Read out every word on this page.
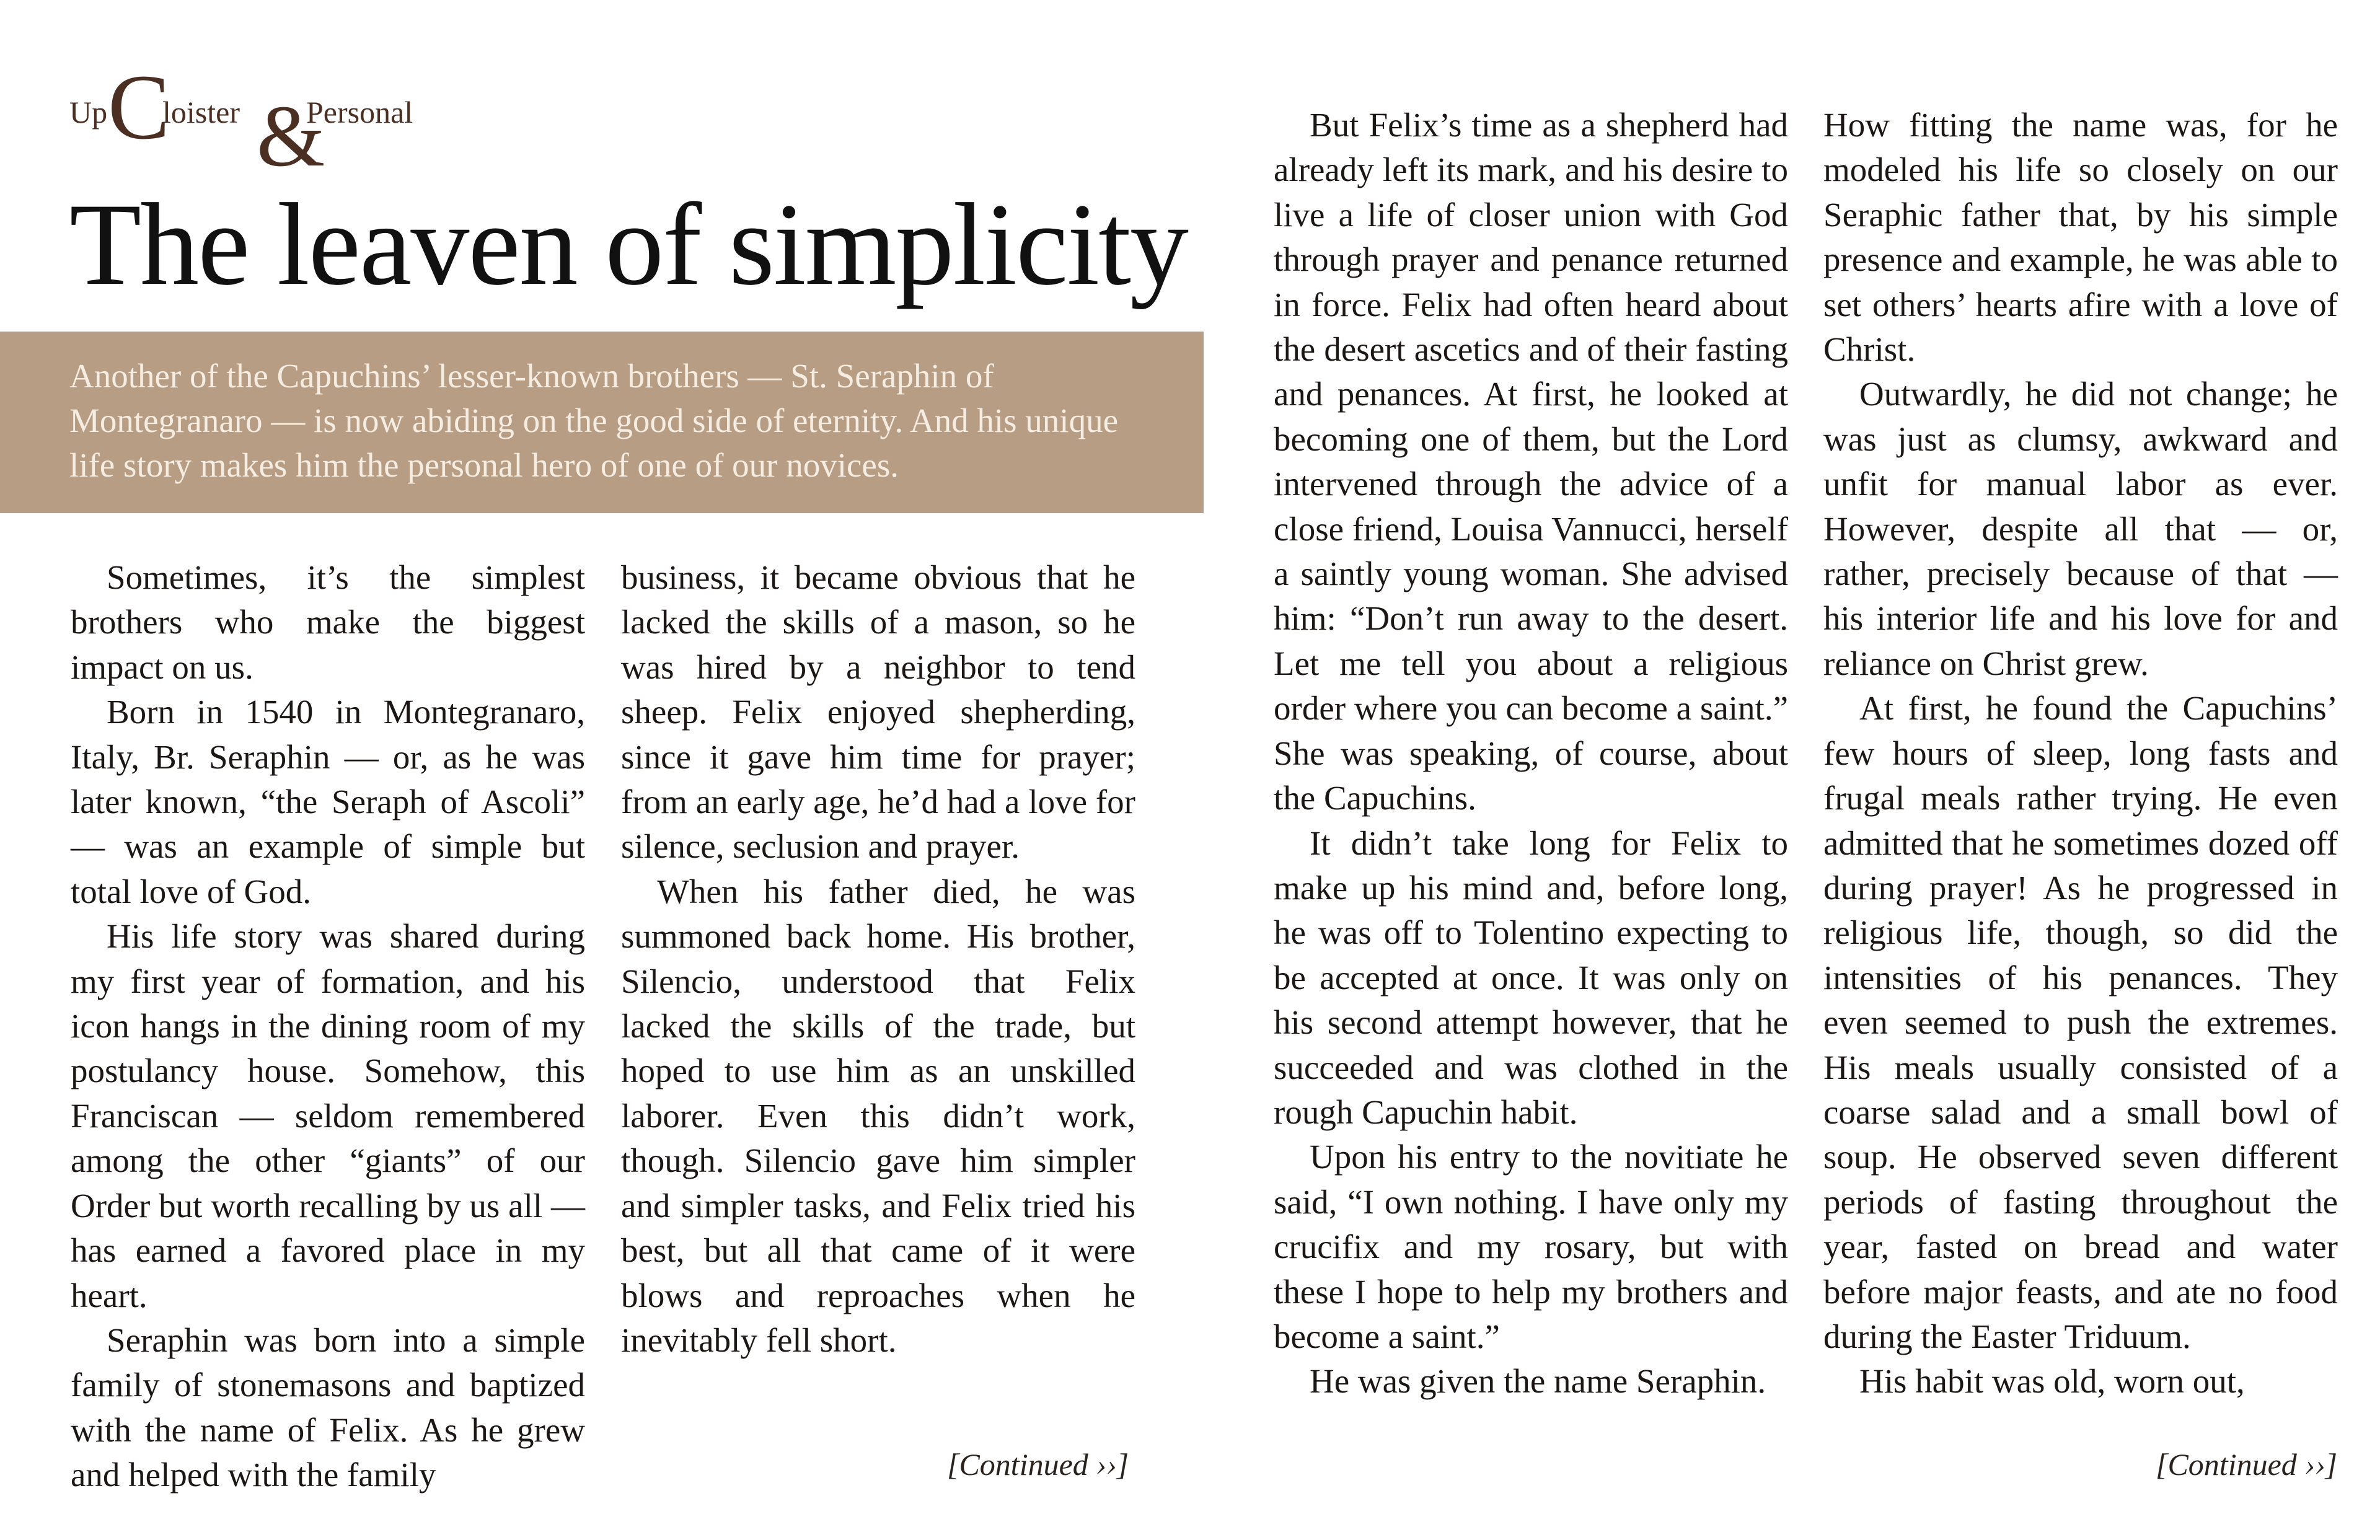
Up C
loister &
Personal
The leaven of simplicity

Another of the Capuchins’ lesser-known brothers — St. Seraphin of Montegranaro — is now abiding on the good side of eternity. And his unique life story makes him the personal hero of one of our novices.

Sometimes, it’s the simplest brothers who make the biggest impact on us.

Born in 1540 in Montegranaro, Italy, Br. Seraphin — or, as he was later known, “the Seraph of Ascoli” — was an example of simple but total love of God.

His life story was shared during my first year of formation, and his icon hangs in the dining room of my postulancy house. Somehow, this Franciscan — seldom remembered among the other “giants” of our Order but worth recalling by us all — has earned a favored place in my heart.

Seraphin was born into a simple family of stonemasons and baptized with the name of Felix. As he grew and helped with the family

business, it became obvious that he lacked the skills of a mason, so he was hired by a neighbor to tend sheep. Felix enjoyed shepherding, since it gave him time for prayer; from an early age, he’d had a love for silence, seclusion and prayer.

When his father died, he was summoned back home. His brother, Silencio, understood that Felix lacked the skills of the trade, but hoped to use him as an unskilled laborer. Even this didn’t work, though. Silencio gave him simpler and simpler tasks, and Felix tried his best, but all that came of it were blows and reproaches when he inevitably fell short.

[Continued ››]

But Felix’s time as a shepherd had already left its mark, and his desire to live a life of closer union with God through prayer and penance returned in force. Felix had often heard about the desert ascetics and of their fasting and penances. At first, he looked at becoming one of them, but the Lord intervened through the advice of a close friend, Louisa Vannucci, herself a saintly young woman. She advised him: “Don’t run away to the desert. Let me tell you about a religious order where you can become a saint.” She was speaking, of course, about the Capuchins.

It didn’t take long for Felix to make up his mind and, before long, he was off to Tolentino expecting to be accepted at once. It was only on his second attempt however, that he succeeded and was clothed in the rough Capuchin habit.

Upon his entry to the novitiate he said, “I own nothing. I have only my crucifix and my rosary, but with these I hope to help my brothers and become a saint.”

He was given the name Seraphin.

How fitting the name was, for he modeled his life so closely on our Seraphic father that, by his simple presence and example, he was able to set others’ hearts afire with a love of Christ.

Outwardly, he did not change; he was just as clumsy, awkward and unfit for manual labor as ever. However, despite all that — or, rather, precisely because of that — his interior life and his love for and reliance on Christ grew.

At first, he found the Capuchins’ few hours of sleep, long fasts and frugal meals rather trying. He even admitted that he sometimes dozed off during prayer! As he progressed in religious life, though, so did the intensities of his penances. They even seemed to push the extremes. His meals usually consisted of a coarse salad and a small bowl of soup. He observed seven different periods of fasting throughout the year, fasted on bread and water before major feasts, and ate no food during the Easter Triduum.

His habit was old, worn out,

[Continued ››]
